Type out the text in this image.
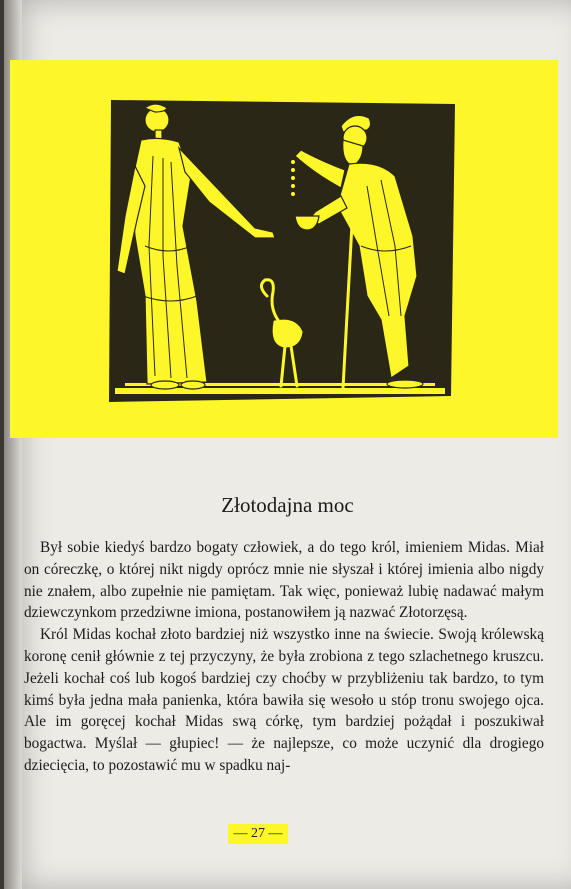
Złotodajna moc

Był sobie kiedyś bardzo bogaty człowiek, a do tego król, imieniem Midas. Miał on córeczkę, o której nikt nigdy oprócz mnie nie słyszał i której imienia albo nigdy nie znałem, albo zupełnie nie pamiętam. Tak więc, ponieważ lubię nadawać małym dziewczynkom przedziwne imiona, postanowiłem ją nazwać Złotorzęsą.

Król Midas kochał złoto bardziej niż wszystko inne na świecie. Swoją królewską koronę cenił głównie z tej przyczyny, że była zrobiona z tego szlachetnego kruszcu. Jeżeli kochał coś lub kogoś bardziej czy choćby w przybliżeniu tak bardzo, to tym kimś była jedna mała panienka, która bawiła się wesoło u stóp tronu swojego ojca. Ale im goręcej kochał Midas swą córkę, tym bardziej pożądał i poszukiwał bogactwa. Myślał — głupiec! — że najlepsze, co może uczynić dla drogiego dziecięcia, to pozostawić mu w spadku naj-

— 27 —
